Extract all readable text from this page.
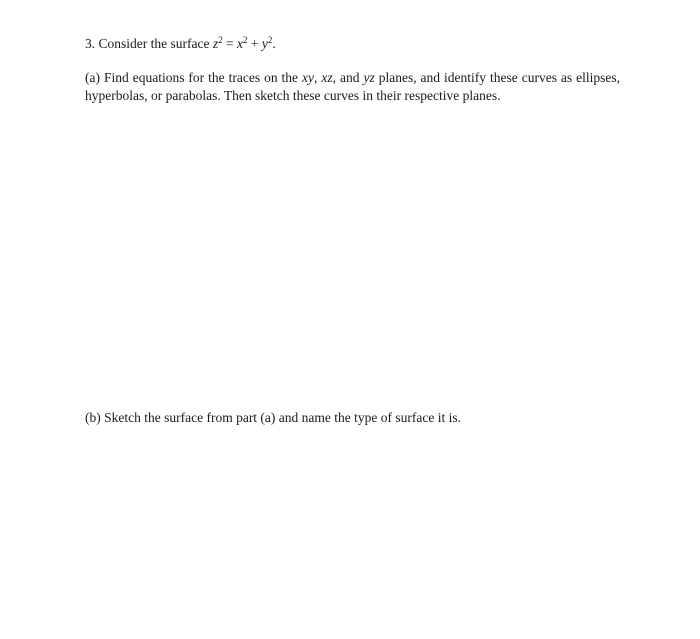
3. Consider the surface $z^2 = x^2 + y^2$.
(a) Find equations for the traces on the xy, xz, and yz planes, and identify these curves as ellipses, hyperbolas, or parabolas. Then sketch these curves in their respective planes.
(b) Sketch the surface from part (a) and name the type of surface it is.
